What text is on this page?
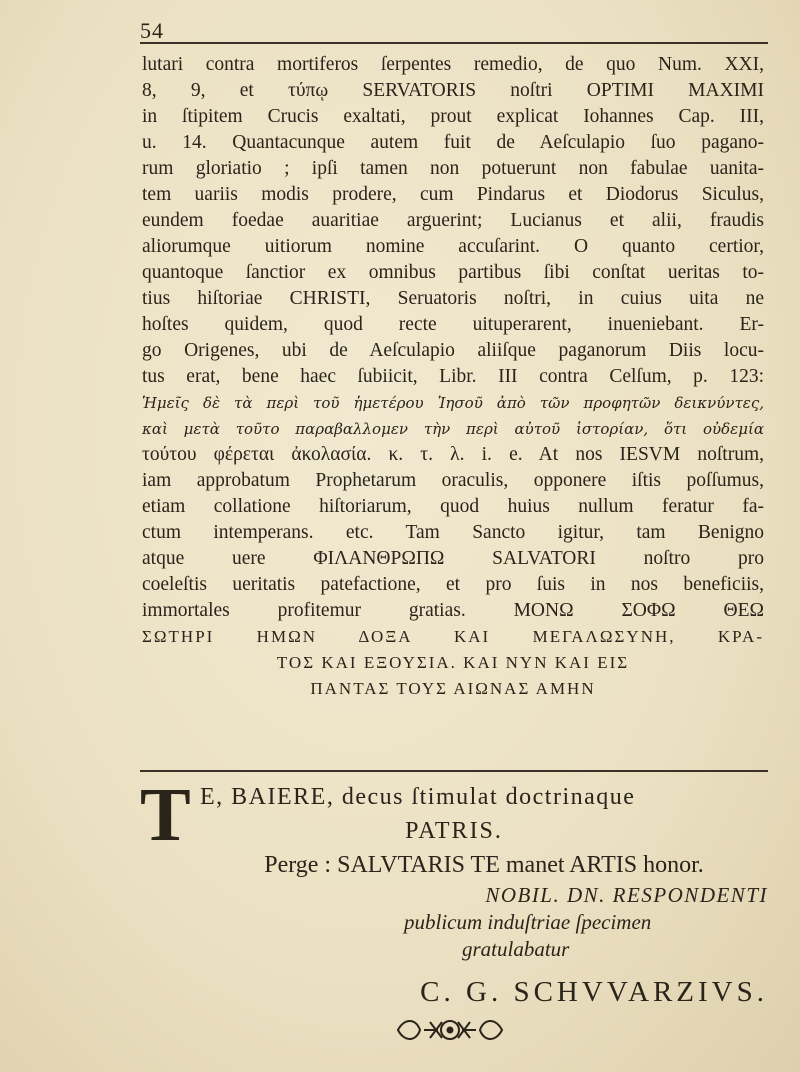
54
lutari contra mortiferos ſerpentes remedio, de quo Num. XXI,
8, 9, et τύπῳ SERVATORIS noſtri OPTIMI MAXIMI
in ſtipitem Crucis exaltati, prout explicat Iohannes Cap. III,
u. 14. Quantacunque autem fuit de Aeſculapio ſuo pagano-
rum gloriatio ; ipſi tamen non potuerunt non fabulae uanita-
tem uariis modis prodere, cum Pindarus et Diodorus Siculus,
eundem foedae auaritiae arguerint; Lucianus et alii, fraudis
aliorumque uitiorum nomine accuſarint. O quanto certior,
quantoque ſanctior ex omnibus partibus ſibi conſtat ueritas to-
tius hiſtoriae CHRISTI, Seruatoris noſtri, in cuius uita ne
hoſtes quidem, quod recte uituperarent, inueniebant. Er-
go Origenes, ubi de Aeſculapio aliiſque paganorum Diis locu-
tus erat, bene haec ſubiicit, Libr. III contra Celſum, p. 123:
Ἡμεῖς δὲ τὰ περὶ τοῦ ἡμετέρου Ἰησοῦ ἀπὸ τῶν προφητῶν δεικνύντες,
καὶ μετὰ τοῦτο παραβαλλομεν τὴν περὶ αὐτοῦ ἱστορίαν, ὅτι οὐδεμία
τούτου φέρεται ἀκολασία. κ. τ. λ. i. e. At nos IESVM noſtrum,
iam approbatum Prophetarum oraculis, opponere iſtis poſſumus,
etiam collatione hiſtoriarum, quod huius nullum feratur fa-
ctum intemperans. etc. Tam Sancto igitur, tam Benigno
atque uere ΦΙΛΑΝΘΡΩΠΩ SALVATORI noſtro pro
coeleſtis ueritatis patefactione, et pro ſuis in nos beneficiis,
immortales profitemur gratias. ΜΟΝΩ ΣΟΦΩ ΘΕΩ
ΣΩΤΗΡΙ ΗΜΩΝ ΔΟΞΑ ΚΑΙ ΜΕΓΑΛΩΣΥΝΗ, ΚΡΑ-
ΤΟΣ ΚΑΙ ΕΞΟΥΣΙΑ. ΚΑΙ ΝΥΝ ΚΑΙ ΕΙΣ
ΠΑΝΤΑΣ ΤΟΥΣ ΑΙΩΝΑΣ ΑΜΗΝ
T E, BAIERE, decus ſtimulat doctrinaque
PATRIS.
Perge : SALVTARIS TE manet ARTIS honor.
NOBIL. DN. RESPONDENTI
publicum induſtriae ſpecimen
gratulabatur
C. G. SCHVVARZIVS.
